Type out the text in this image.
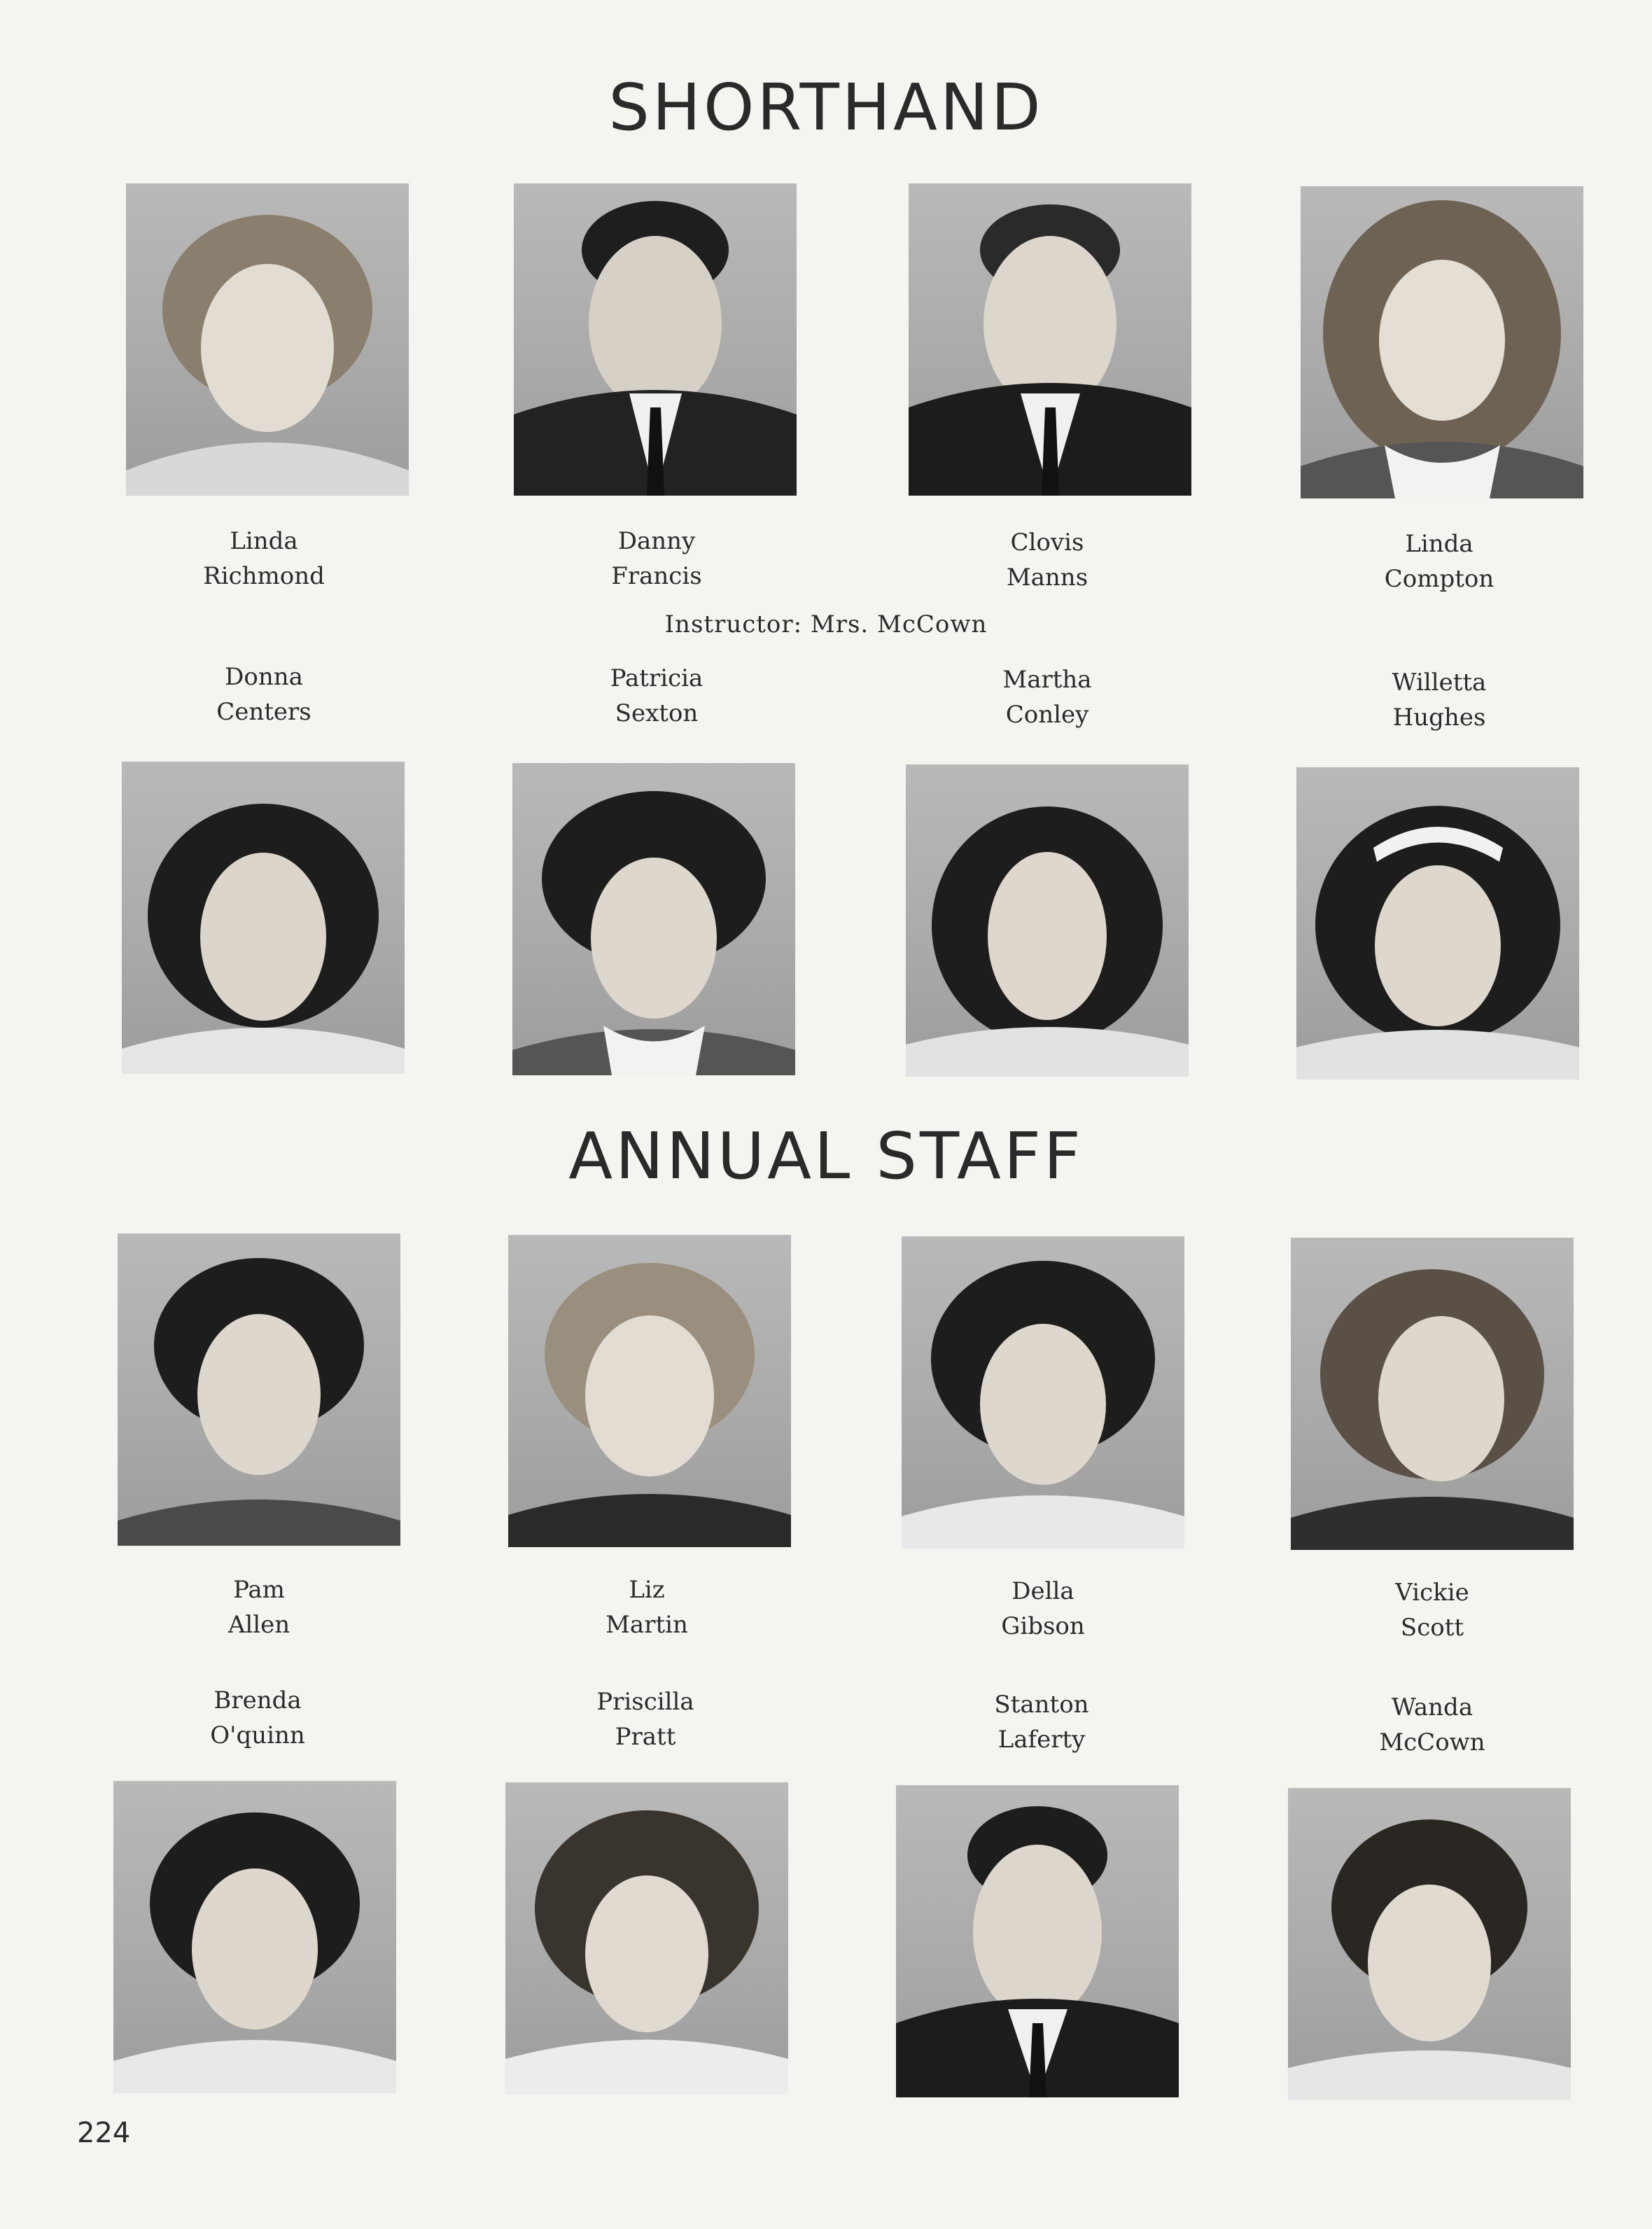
SHORTHAND
Linda
Richmond
Danny
Francis
Clovis
Manns
Linda
Compton
Instructor: Mrs. McCown
Donna
Centers
Patricia
Sexton
Martha
Conley
Willetta
Hughes
ANNUAL STAFF
Pam
Allen
Liz
Martin
Della
Gibson
Vickie
Scott
Brenda
O'quinn
Priscilla
Pratt
Stanton
Laferty
Wanda
McCown
224
